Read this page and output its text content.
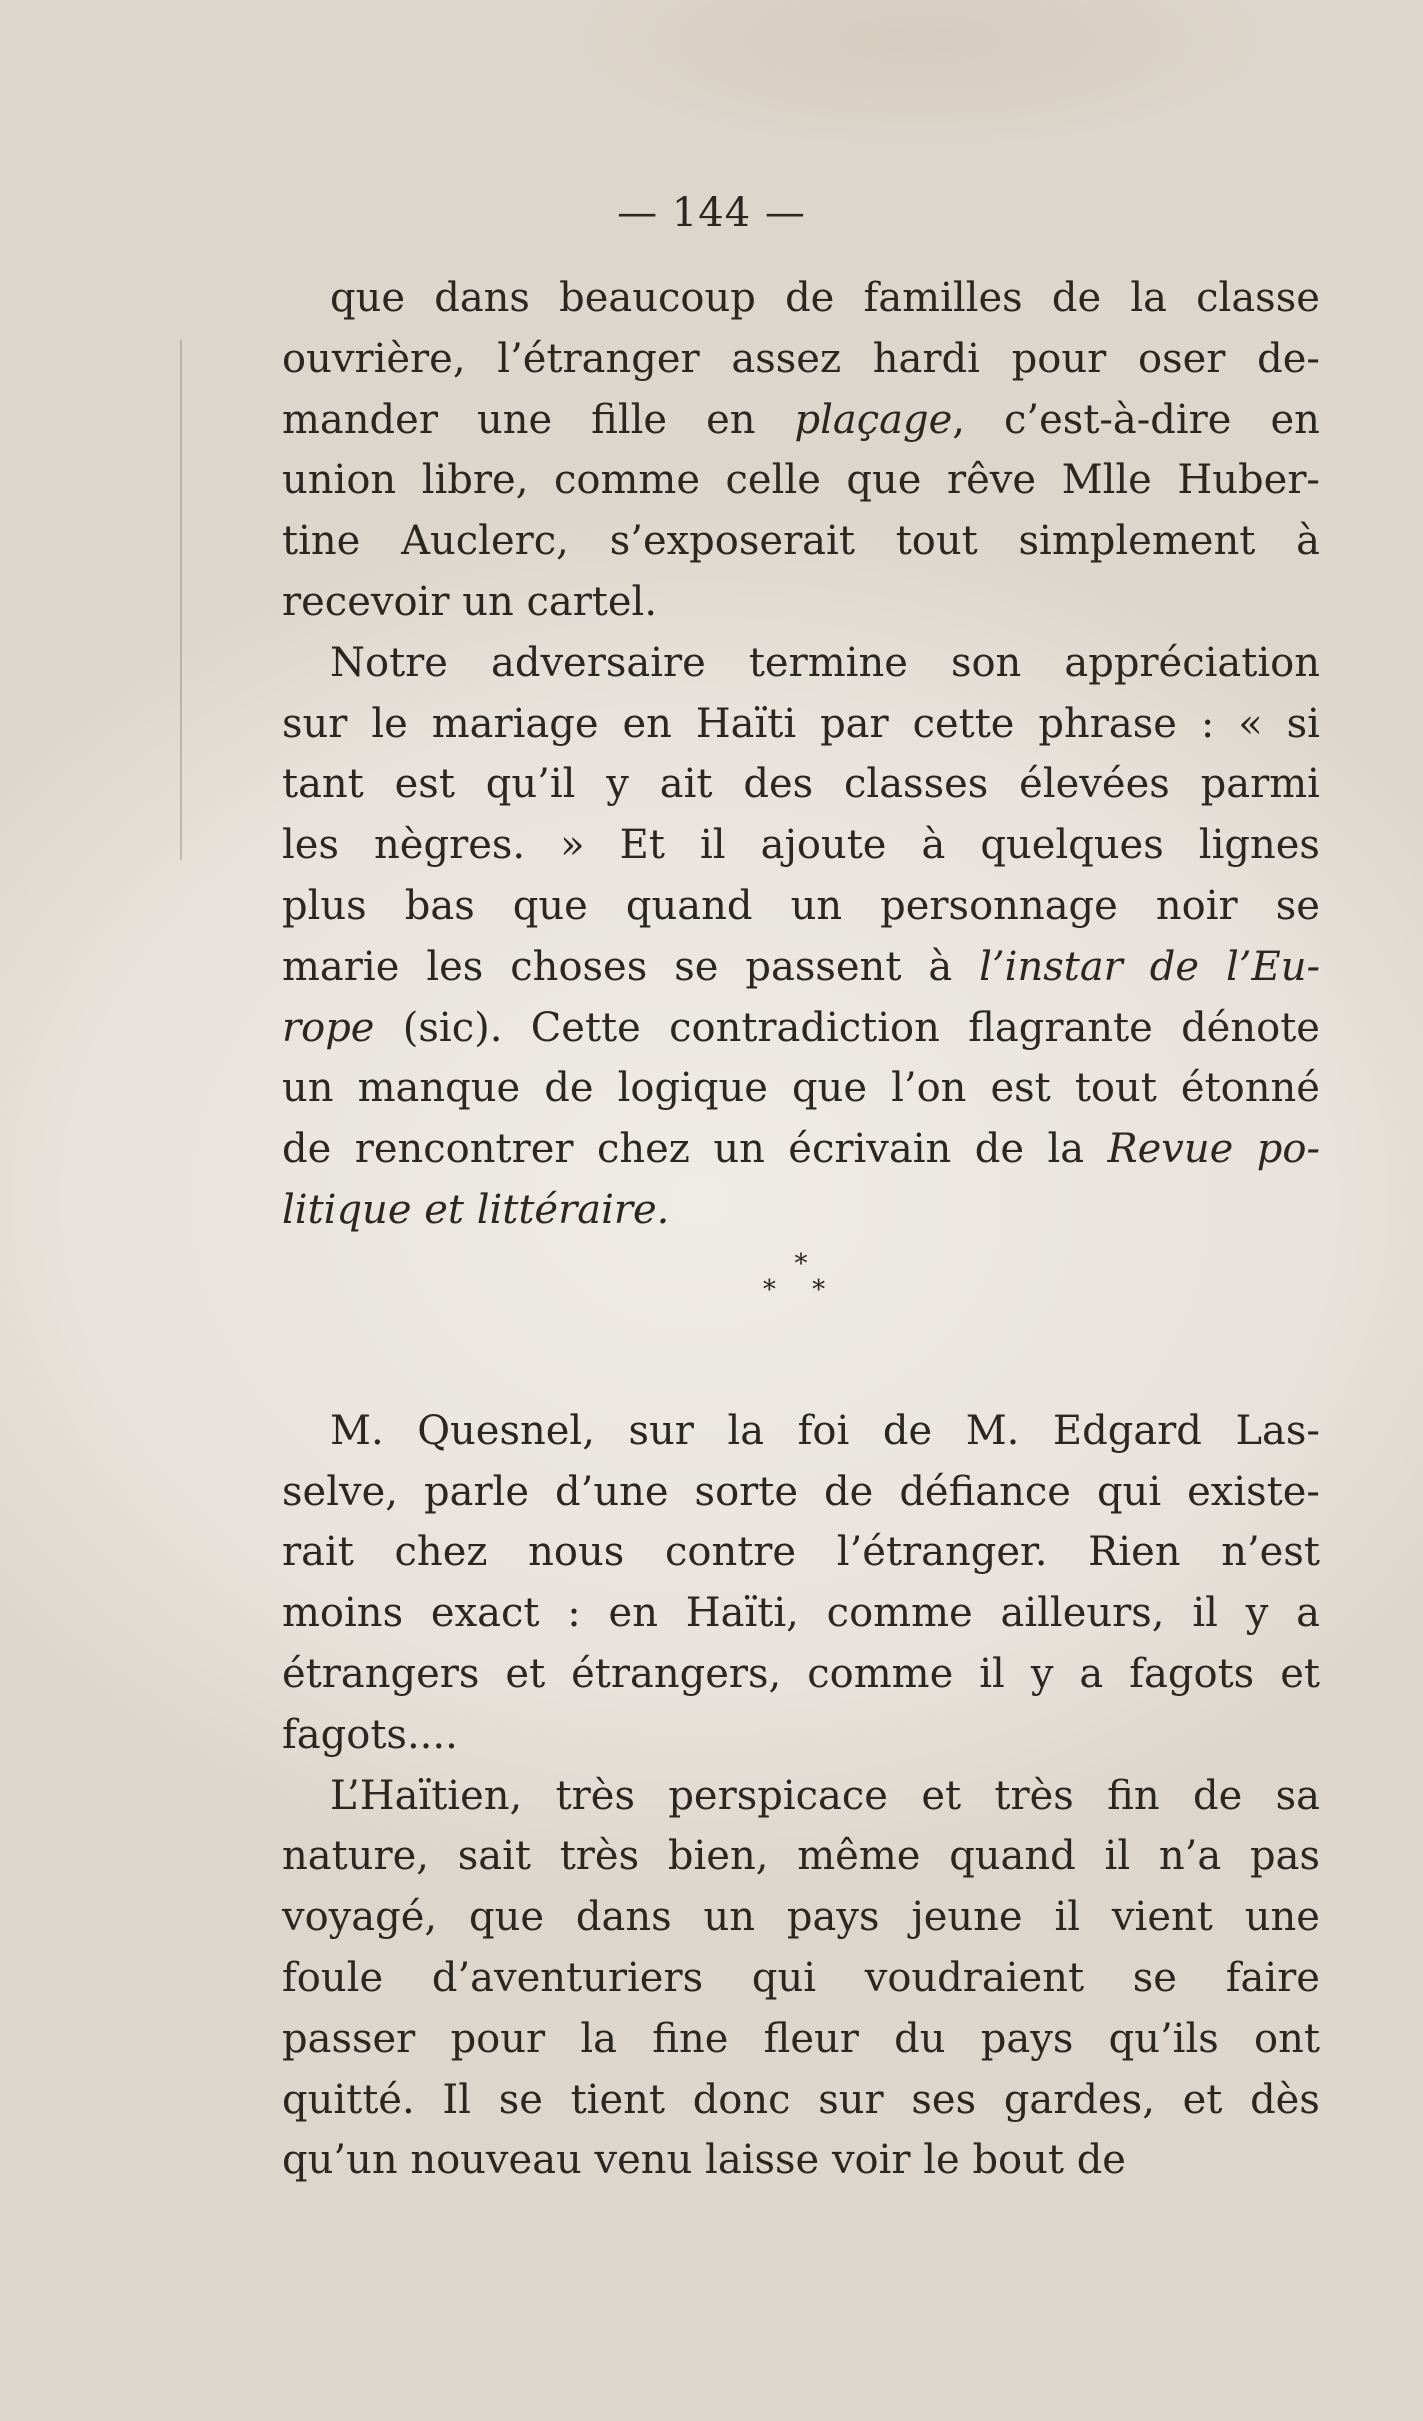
— 144 —
que dans beaucoup de familles de la classe
ouvrière, l’étranger assez hardi pour oser de-
mander une fille en plaçage, c’est-à-dire en
union libre, comme celle que rêve Mlle Huber-
tine Auclerc, s’exposerait tout simplement à
recevoir un cartel.
Notre adversaire termine son appréciation
sur le mariage en Haïti par cette phrase : « si
tant est qu’il y ait des classes élevées parmi
les nègres. » Et il ajoute à quelques lignes
plus bas que quand un personnage noir se
marie les choses se passent à l’instar de l’Eu-
rope (sic). Cette contradiction flagrante dénote
un manque de logique que l’on est tout étonné
de rencontrer chez un écrivain de la Revue po-
litique et littéraire.
*
* *
M. Quesnel, sur la foi de M. Edgard Las-
selve, parle d’une sorte de défiance qui existe-
rait chez nous contre l’étranger. Rien n’est
moins exact : en Haïti, comme ailleurs, il y a
étrangers et étrangers, comme il y a fagots et
fagots....
L’Haïtien, très perspicace et très fin de sa
nature, sait très bien, même quand il n’a pas
voyagé, que dans un pays jeune il vient une
foule d’aventuriers qui voudraient se faire
passer pour la fine fleur du pays qu’ils ont
quitté. Il se tient donc sur ses gardes, et dès
qu’un nouveau venu laisse voir le bout de
